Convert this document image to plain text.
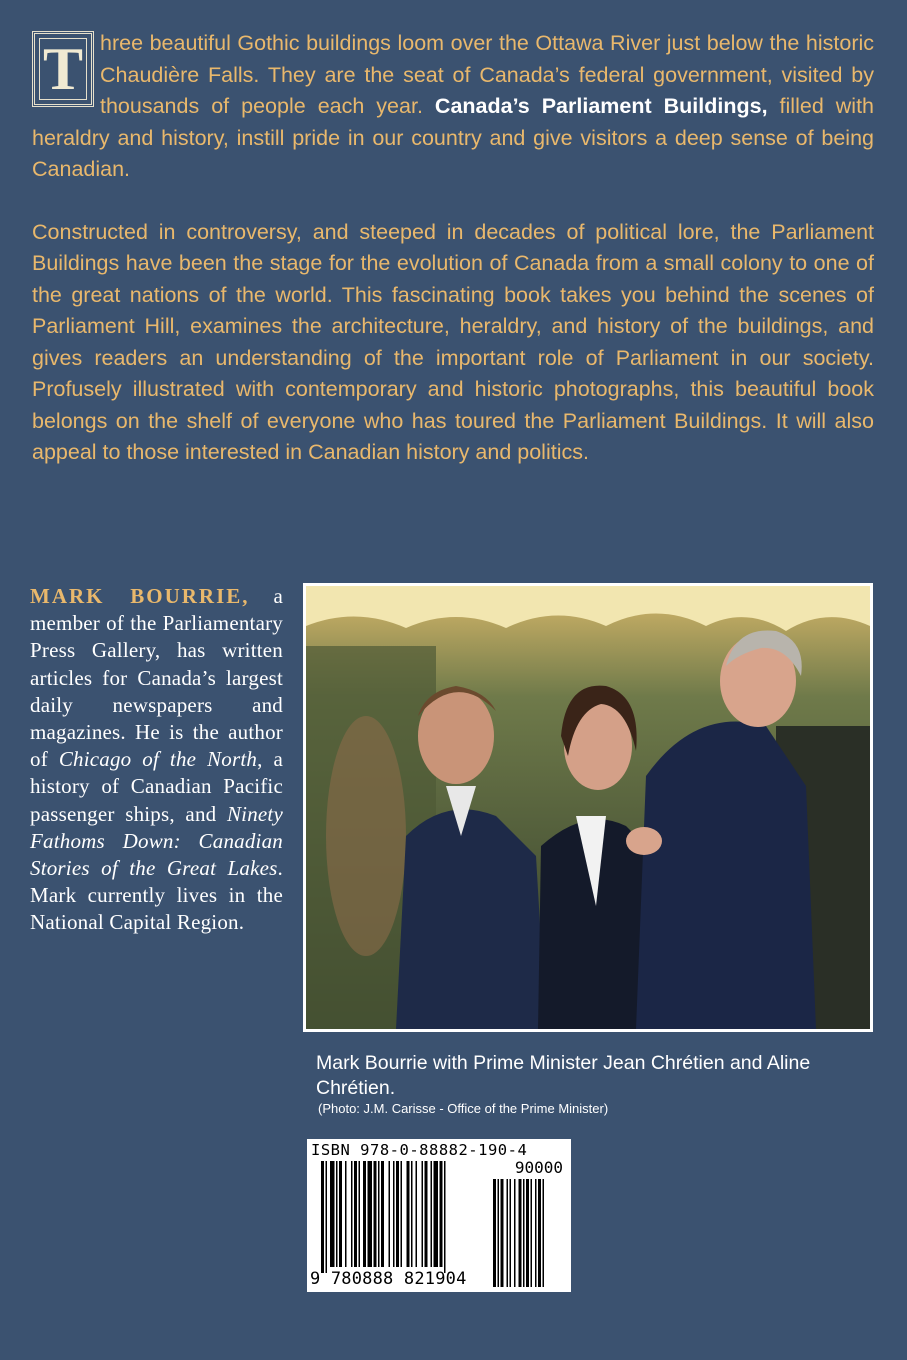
T hree beautiful Gothic buildings loom over the Ottawa River just below the historic Chaudière Falls. They are the seat of Canada’s federal government, visited by thousands of people each year. Canada’s Parliament Buildings, filled with heraldry and history, instill pride in our country and give visitors a deep sense of being Canadian.

Constructed in controversy, and steeped in decades of political lore, the Parliament Buildings have been the stage for the evolution of Canada from a small colony to one of the great nations of the world. This fascinating book takes you behind the scenes of Parliament Hill, examines the architecture, heraldry, and history of the buildings, and gives readers an understanding of the important role of Parliament in our society. Profusely illustrated with contemporary and historic photographs, this beautiful book belongs on the shelf of everyone who has toured the Parliament Buildings. It will also appeal to those interested in Canadian history and politics.

MARK BOURRIE, a member of the Parliamentary Press Gallery, has written articles for Canada’s largest daily newspapers and magazines. He is the author of Chicago of the North, a history of Canadian Pacific passenger ships, and Ninety Fathoms Down: Canadian Stories of the Great Lakes. Mark currently lives in the National Capital Region.
Mark Bourrie with Prime Minister Jean Chrétien and Aline Chrétien.
(Photo: J.M. Carisse - Office of the Prime Minister)
ISBN 978-0-88882-190-4
90000
9 780888 821904
